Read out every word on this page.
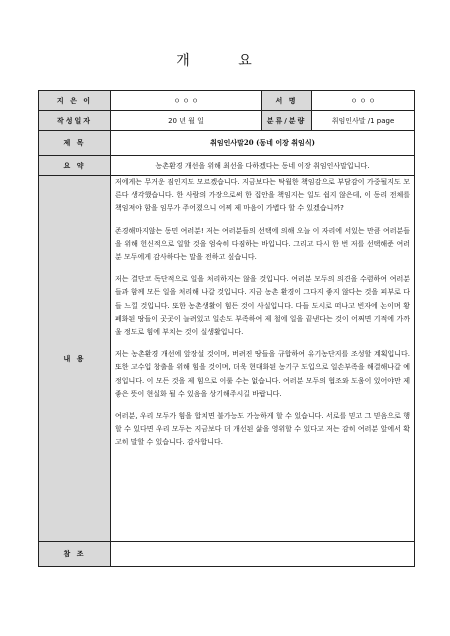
개 요
지 은 이	ㅇ ㅇ ㅇ	서 명	ㅇ ㅇ ㅇ
작성일자	20 년 월 일	분류/분량	취임인사말 /1 page
제 목	취임인사말20 (동네 이장 취임식)		
요 약	농촌환경 개선을 위해 최선을 다하겠다는 동네 이장 취임인사말입니다.		
내 용	저에게는 무거운 짐인지도 모르겠습니다. 지금보다는 탁월한 책임감으로 부담감이 가중될지도 모른다 생각했습니다. 한 사람의 가장으로써 한 집안을 책임지는 일도 쉽지 않은데, 이 동리 전체를 책임져야 함을 임무가 주어졌으니 어찌 제 마음이 가볍다 할 수 있겠습니까?

존경해마지않는 동민 여러분! 저는 여러분들의 선택에 의해 오늘 이 자리에 서있는 만큼 여러분들을 위해 헌신적으로 일할 것을 엄숙히 다짐하는 바입니다. 그리고 다시 한 번 저를 선택해준 여러분 모두에게 감사하다는 말을 전하고 싶습니다.

저는 결단코 독단적으로 일을 처리하지는 않을 것입니다. 여러분 모두의 의견을 수렴하여 여러분들과 함께 모든 일을 처리해 나갈 것입니다. 지금 농촌 환경이 그다지 좋지 않다는 것을 피부로 다들 느낄 것입니다. 또한 농촌생활이 힘든 것이 사실입니다. 다들 도시로 떠나고 빈자에 논이며 황폐화된 땅들이 곳곳이 늘려있고 일손도 부족하여 제 철에 일을 끝낸다는 것이 어쩌면 기적에 가까울 정도로 힘에 부치는 것이 실생활입니다.

저는 농촌환경 개선에 앞장설 것이며, 버려진 땅들을 규합하여 유기농단지를 조성할 계획입니다. 또한 고수입 창출을 위해 힘을 것이며, 더욱 현대화된 농기구 도입으로 일손부족을 해결해나갈 예정입니다. 이 모든 것을 제 힘으로 이룰 수는 없습니다. 여러분 모두의 협조와 도움이 있어야만 제 좋은 뜻이 현실화 될 수 있음을 상기해주시길 바랍니다.

여러분, 우리 모두가 힘을 합치면 불가능도 가능하게 할 수 있습니다. 서로를 믿고 그 믿음으로 행할 수 있다면 우리 모두는 지금보다 더 개선된 삶을 영위할 수 있다고 저는 감히 여러분 앞에서 확고히 말할 수 있습니다. 감사합니다.		

참 조			
